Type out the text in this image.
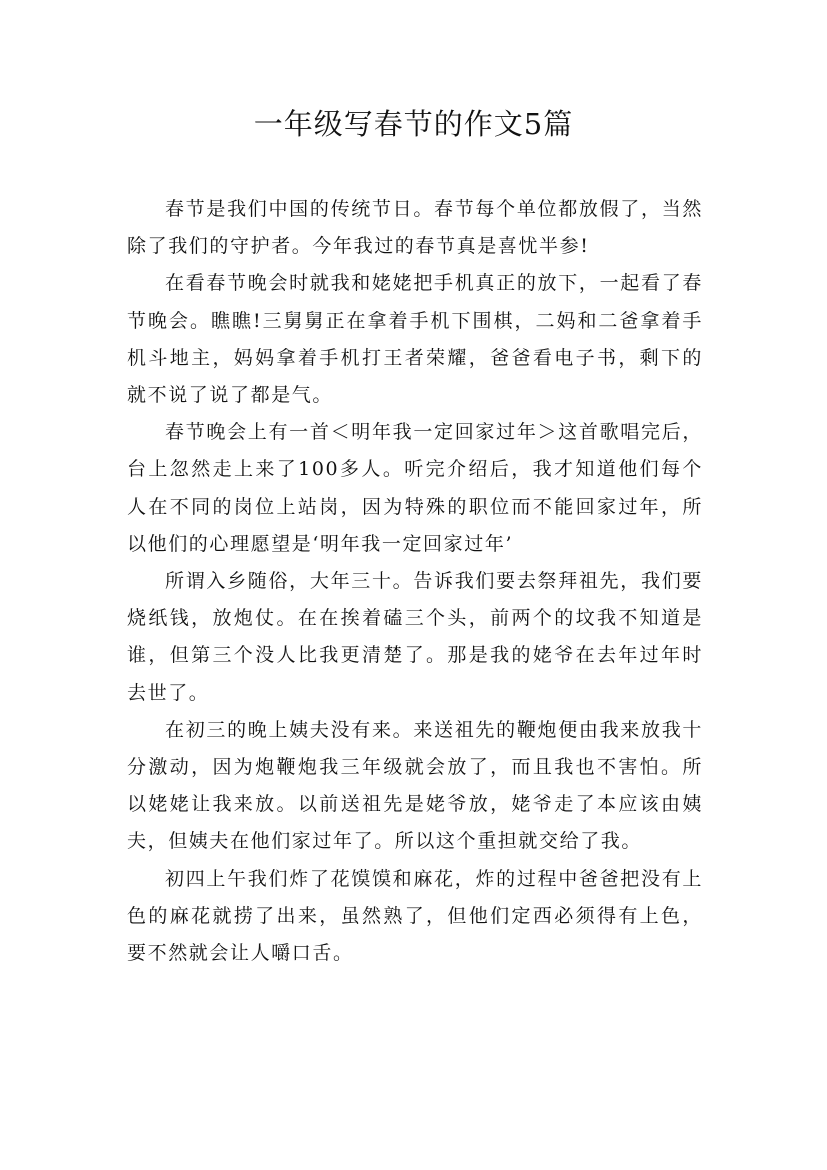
一年级写春节的作文5篇

春节是我们中国的传统节日。春节每个单位都放假了，当然除了我们的守护者。今年我过的春节真是喜忧半参!

在看春节晚会时就我和姥姥把手机真正的放下，一起看了春节晚会。瞧瞧!三舅舅正在拿着手机下围棋，二妈和二爸拿着手机斗地主，妈妈拿着手机打王者荣耀，爸爸看电子书，剩下的就不说了说了都是气。

春节晚会上有一首＜明年我一定回家过年＞这首歌唱完后，台上忽然走上来了100多人。听完介绍后，我才知道他们每个人在不同的岗位上站岗，因为特殊的职位而不能回家过年，所以他们的心理愿望是‘明年我一定回家过年’

所谓入乡随俗，大年三十。告诉我们要去祭拜祖先，我们要烧纸钱，放炮仗。在在挨着磕三个头，前两个的坟我不知道是谁，但第三个没人比我更清楚了。那是我的姥爷在去年过年时去世了。

在初三的晚上姨夫没有来。来送祖先的鞭炮便由我来放我十分激动，因为炮鞭炮我三年级就会放了，而且我也不害怕。所以姥姥让我来放。以前送祖先是姥爷放，姥爷走了本应该由姨夫，但姨夫在他们家过年了。所以这个重担就交给了我。

初四上午我们炸了花馍馍和麻花，炸的过程中爸爸把没有上色的麻花就捞了出来，虽然熟了，但他们定西必须得有上色，要不然就会让人嚼口舌。
